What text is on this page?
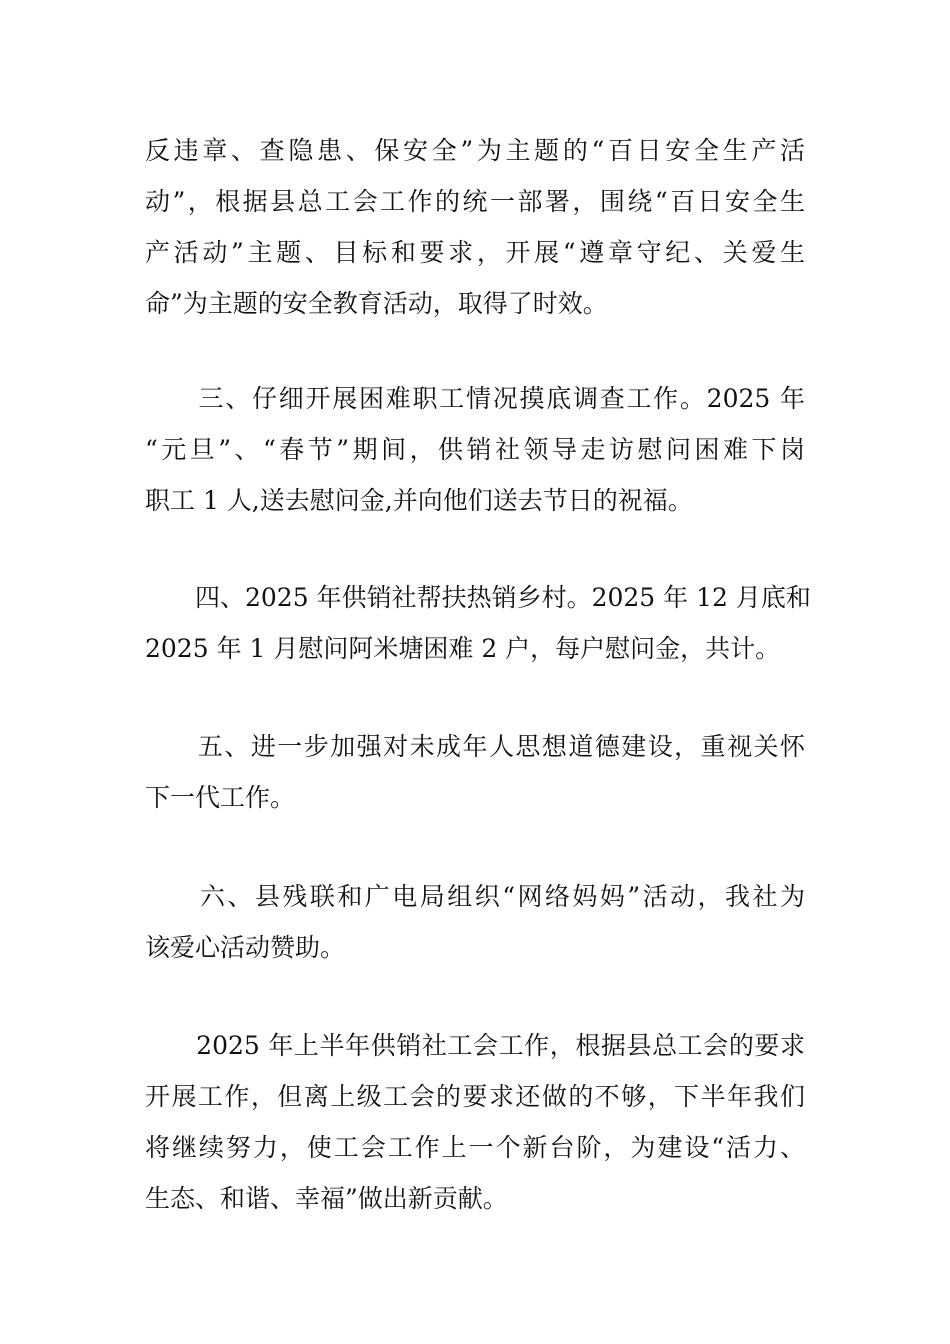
反违章、查隐患、保安全”为主题的“百日安全生产活
动”，根据县总工会工作的统一部署，围绕“百日安全生
产活动”主题、目标和要求，开展“遵章守纪、关爱生
命”为主题的安全教育活动，取得了时效。
　　三、仔细开展困难职工情况摸底调查工作。2025 年
“元旦”、“春节”期间，供销社领导走访慰问困难下岗
职工 1 人,送去慰问金,并向他们送去节日的祝福。
　　四、2025 年供销社帮扶热销乡村。2025 年 12 月底和
2025 年 1 月慰问阿米塘困难 2 户，每户慰问金，共计。
　　五、进一步加强对未成年人思想道德建设，重视关怀
下一代工作。
　　六、县残联和广电局组织“网络妈妈”活动，我社为
该爱心活动赞助。
　　2025 年上半年供销社工会工作，根据县总工会的要求
开展工作，但离上级工会的要求还做的不够，下半年我们
将继续努力，使工会工作上一个新台阶，为建设“活力、
生态、和谐、幸福”做出新贡献。
